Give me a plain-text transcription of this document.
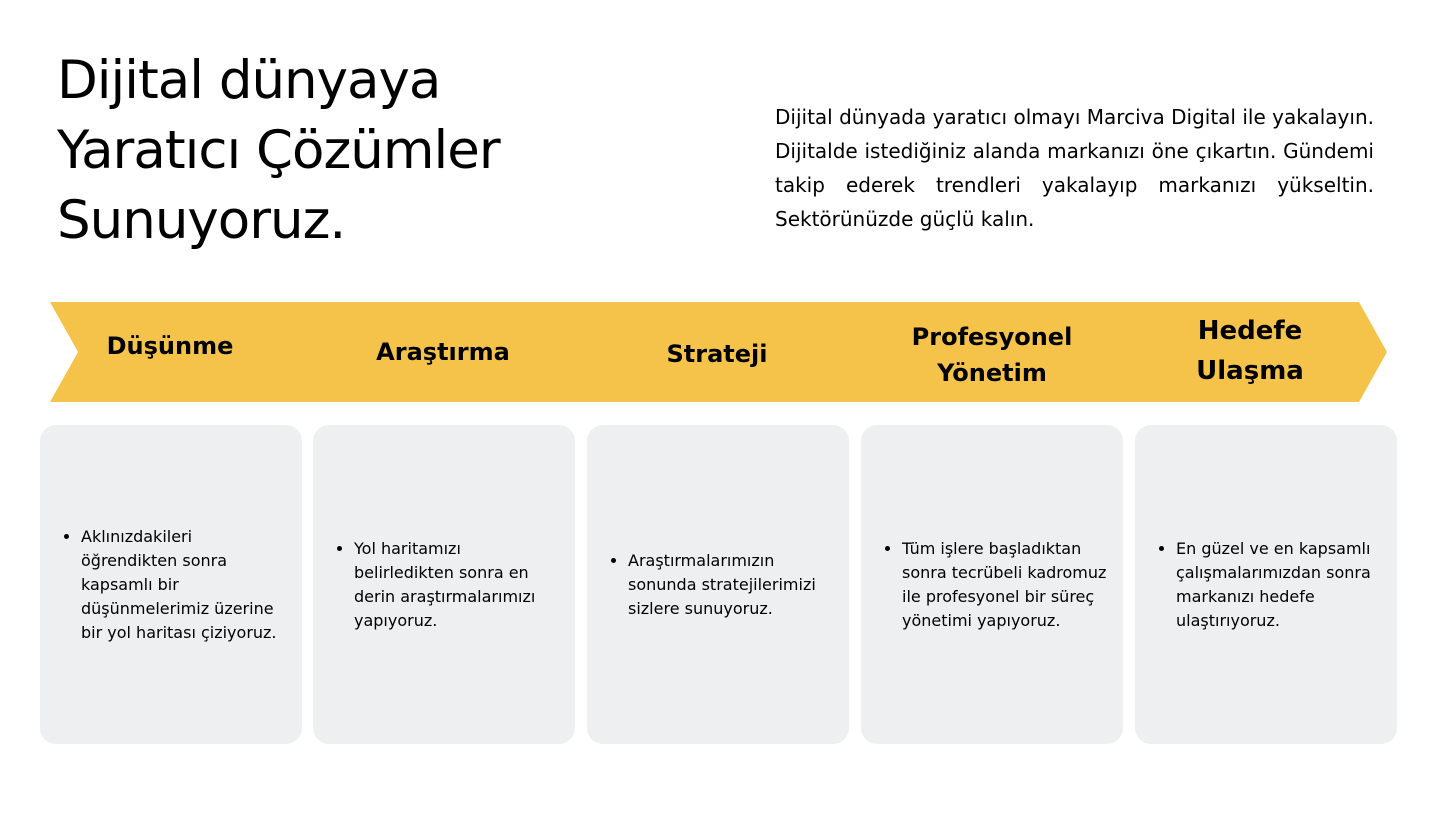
Dijital dünyaya
Yaratıcı Çözümler
Sunuyoruz.

Dijital dünyada yaratıcı olmayı Marciva Digital ile yakalayın. Dijitalde istediğiniz alanda markanızı öne çıkartın. Gündemi takip ederek trendleri yakalayıp markanızı yükseltin. Sektörünüzde güçlü kalın.

Düşünme	Araştırma	Strateji
Profesyonel Yönetim
Hedefe Ulaşma
• Aklınızdakileri öğrendikten sonra kapsamlı bir düşünmelerimiz üzerine bir yol haritası çiziyoruz.
• Yol haritamızı belirledikten sonra en derin araştırmalarımızı yapıyoruz.
• Araştırmalarımızın sonunda stratejilerimizi sizlere sunuyoruz.
• Tüm işlere başladıktan sonra tecrübeli kadromuz ile profesyonel bir süreç yönetimi yapıyoruz.
• En güzel ve en kapsamlı çalışmalarımızdan sonra markanızı hedefe ulaştırıyoruz.
